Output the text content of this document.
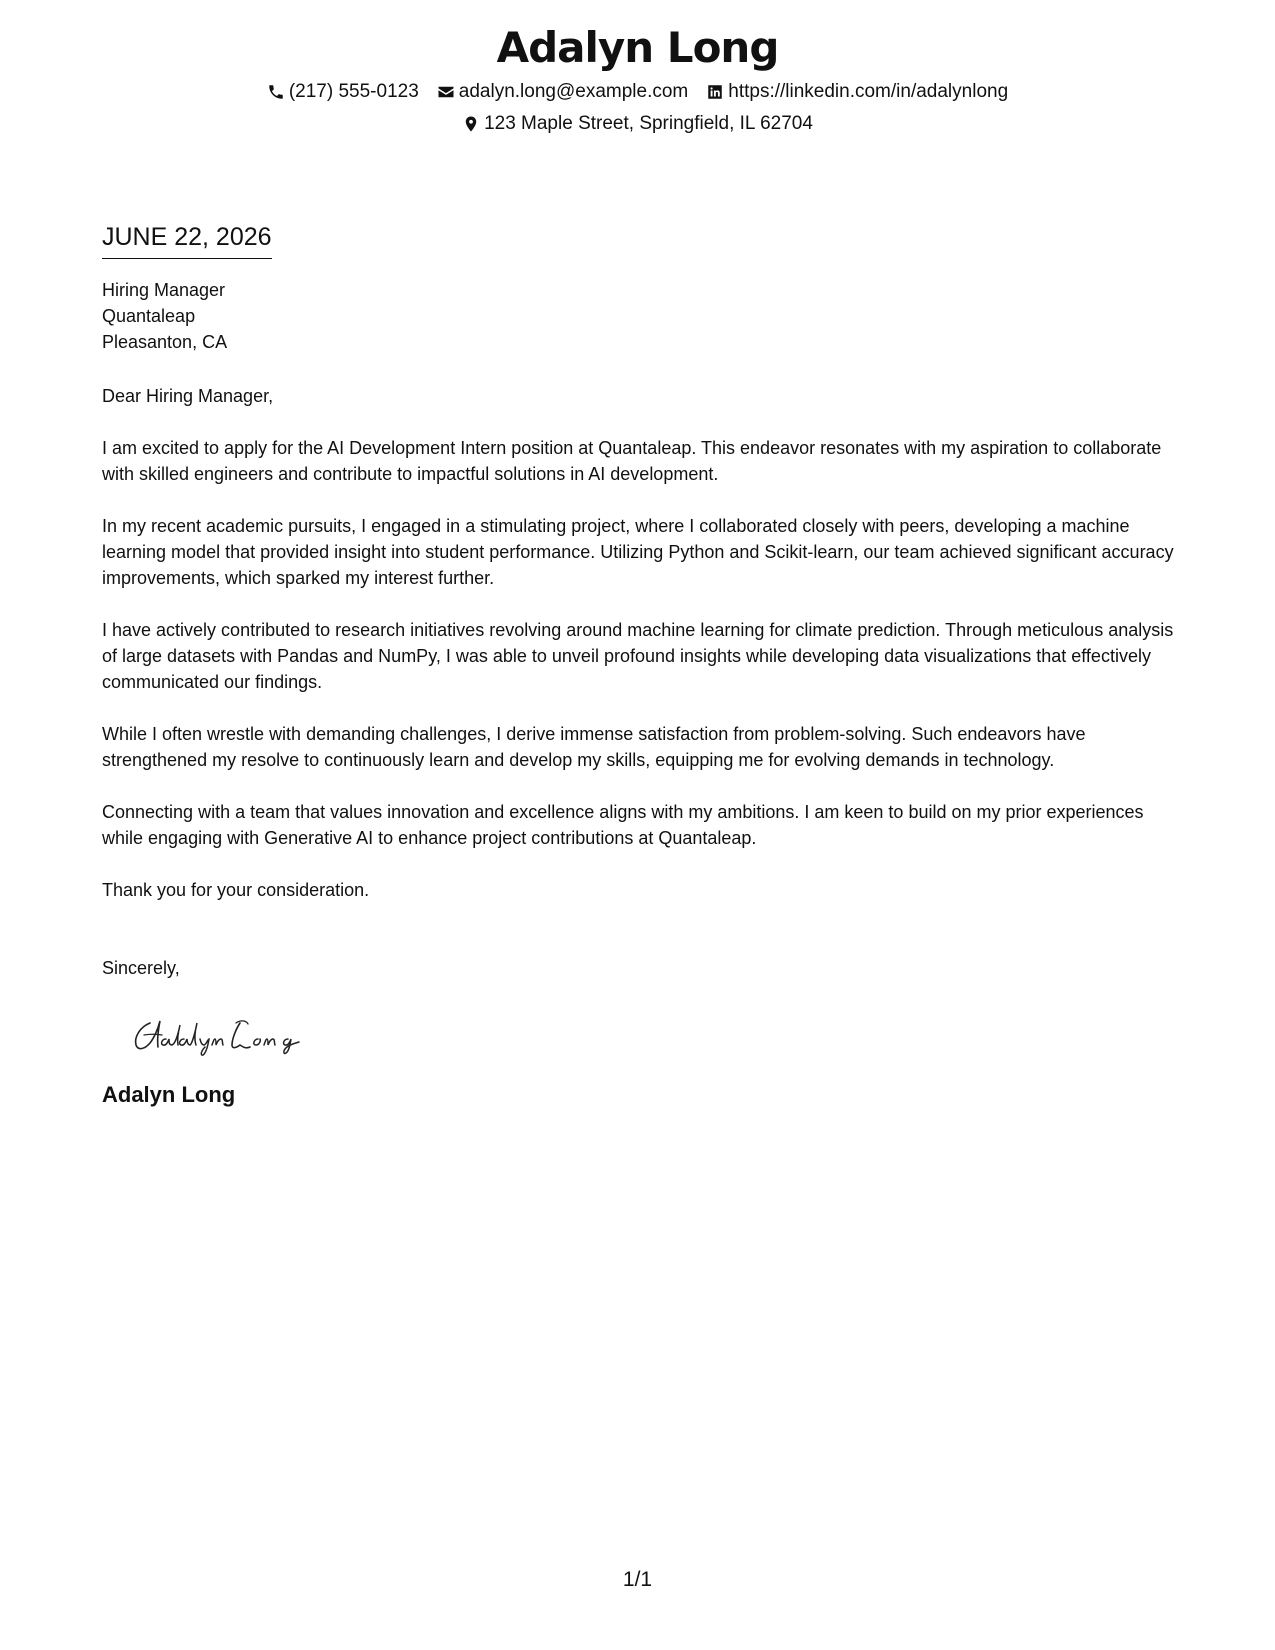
Adalyn Long
(217) 555-0123 adalyn.long@example.com https://linkedin.com/in/adalynlong
123 Maple Street, Springfield, IL 62704
JUNE 22, 2026
Hiring Manager
Quantaleap
Pleasanton, CA
Dear Hiring Manager,

I am excited to apply for the AI Development Intern position at Quantaleap. This endeavor resonates with my aspiration to collaborate with skilled engineers and contribute to impactful solutions in AI development.

In my recent academic pursuits, I engaged in a stimulating project, where I collaborated closely with peers, developing a machine learning model that provided insight into student performance. Utilizing Python and Scikit-learn, our team achieved significant accuracy improvements, which sparked my interest further.

I have actively contributed to research initiatives revolving around machine learning for climate prediction. Through meticulous analysis of large datasets with Pandas and NumPy, I was able to unveil profound insights while developing data visualizations that effectively communicated our findings.

While I often wrestle with demanding challenges, I derive immense satisfaction from problem-solving. Such endeavors have strengthened my resolve to continuously learn and develop my skills, equipping me for evolving demands in technology.

Connecting with a team that values innovation and excellence aligns with my ambitions. I am keen to build on my prior experiences while engaging with Generative AI to enhance project contributions at Quantaleap.

Thank you for your consideration.

Sincerely,
Adalyn Long
1/1
